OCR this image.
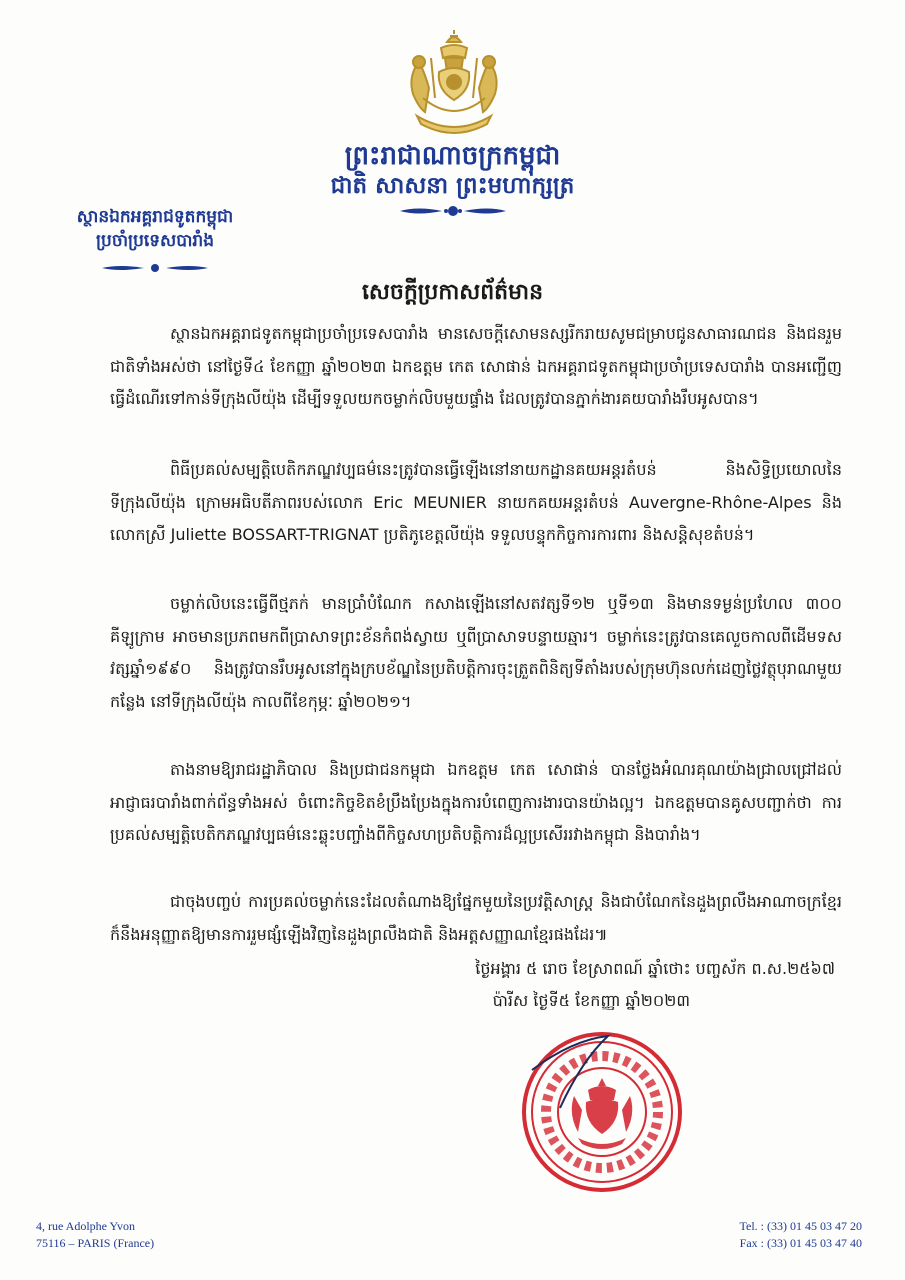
ព្រះរាជាណាចក្រកម្ពុជា
ជាតិ សាសនា ព្រះមហាក្សត្រ
ស្ថានឯកអគ្គរាជទូតកម្ពុជា
ប្រចាំប្រទេសបារាំង
សេចក្តីប្រកាសព័ត៌មាន

ស្ថានឯកអគ្គរាជទូតកម្ពុជាប្រចាំប្រទេសបារាំង មានសេចក្តីសោមនស្សរីករាយសូមជម្រាបជូនសាធារណជន និងជនរួមជាតិទាំងអស់ថា នៅថ្ងៃទី៤ ខែកញ្ញា ឆ្នាំ២០២៣ ឯកឧត្តម កេត សោផាន់ ឯកអគ្គរាជទូតកម្ពុជាប្រចាំប្រទេសបារាំង បានអញ្ជើញធ្វើដំណើរទៅកាន់ទីក្រុងលីយ៉ុង ដើម្បីទទួលយកចម្លាក់លិបមួយផ្ទាំង ដែលត្រូវបានភ្នាក់ងារគយបារាំងរឹបអូសបាន។

ពិធីប្រគល់សម្បត្តិបេតិកភណ្ឌវប្បធម៌នេះត្រូវបានធ្វើឡើងនៅនាយកដ្ឋានគយអន្តរតំបន់ និងសិទ្ធិប្រយោលនៃទីក្រុងលីយ៉ុង ក្រោមអធិបតីភាពរបស់លោក Eric MEUNIER នាយកគយអន្តរតំបន់ Auvergne-Rhône-Alpes និងលោកស្រី Juliette BOSSART-TRIGNAT ប្រតិភូខេត្តលីយ៉ុង ទទួលបន្ទុកកិច្ចការការពារ និងសន្តិសុខតំបន់។

ចម្លាក់លិបនេះធ្វើពីថ្មភក់ មានប្រាំបំណែក កសាងឡើងនៅសតវត្សទី១២ ឬទី១៣ និងមានទម្ងន់ប្រហែល ៣០០ គីឡូក្រាម អាចមានប្រភពមកពីប្រាសាទព្រះខ័នកំពង់ស្វាយ ឬពីប្រាសាទបន្ទាយឆ្មារ។ ចម្លាក់នេះត្រូវបានគេលួចកាលពីដើមទសវត្សឆ្នាំ១៩៩០ និងត្រូវបានរឹបអូសនៅក្នុងក្របខ័ណ្ឌនៃប្រតិបត្តិការចុះត្រួតពិនិត្យទីតាំងរបស់ក្រុមហ៊ុនលក់ដេញថ្លៃវត្ថុបុរាណមួយកន្លែង នៅទីក្រុងលីយ៉ុង កាលពីខែកុម្ភៈ ឆ្នាំ២០២១។

តាងនាមឱ្យរាជរដ្ឋាភិបាល និងប្រជាជនកម្ពុជា ឯកឧត្តម កេត សោផាន់ បានថ្លែងអំណរគុណយ៉ាងជ្រាលជ្រៅដល់អាជ្ញាធរបារាំងពាក់ព័ន្ធទាំងអស់ ចំពោះកិច្ចខិតខំប្រឹងប្រែងក្នុងការបំពេញការងារបានយ៉ាងល្អ។ ឯកឧត្តមបានគូសបញ្ជាក់ថា ការប្រគល់សម្បត្តិបេតិកភណ្ឌវប្បធម៌នេះឆ្លុះបញ្ចាំងពីកិច្ចសហប្រតិបត្តិការដ៏ល្អប្រសើររវាងកម្ពុជា និងបារាំង។

ជាចុងបញ្ចប់ ការប្រគល់ចម្លាក់នេះដែលតំណាងឱ្យផ្នែកមួយនៃប្រវត្តិសាស្ត្រ និងជាបំណែកនៃដួងព្រលឹងអាណាចក្រខ្មែរ ក៏នឹងអនុញ្ញាតឱ្យមានការរួមផ្សំឡើងវិញនៃដួងព្រលឹងជាតិ និងអត្តសញ្ញាណខ្មែរផងដែរ៕

ថ្ងៃអង្គារ ៥ រោច ខែស្រាពណ៍ ឆ្នាំថោះ បញ្ចស័ក ព.ស.២៥៦៧
ប៉ារីស ថ្ងៃទី៥ ខែកញ្ញា ឆ្នាំ២០២៣
4, rue Adolphe Yvon
75116 – PARIS (France)
Tel. : (33) 01 45 03 47 20
Fax : (33) 01 45 03 47 40
